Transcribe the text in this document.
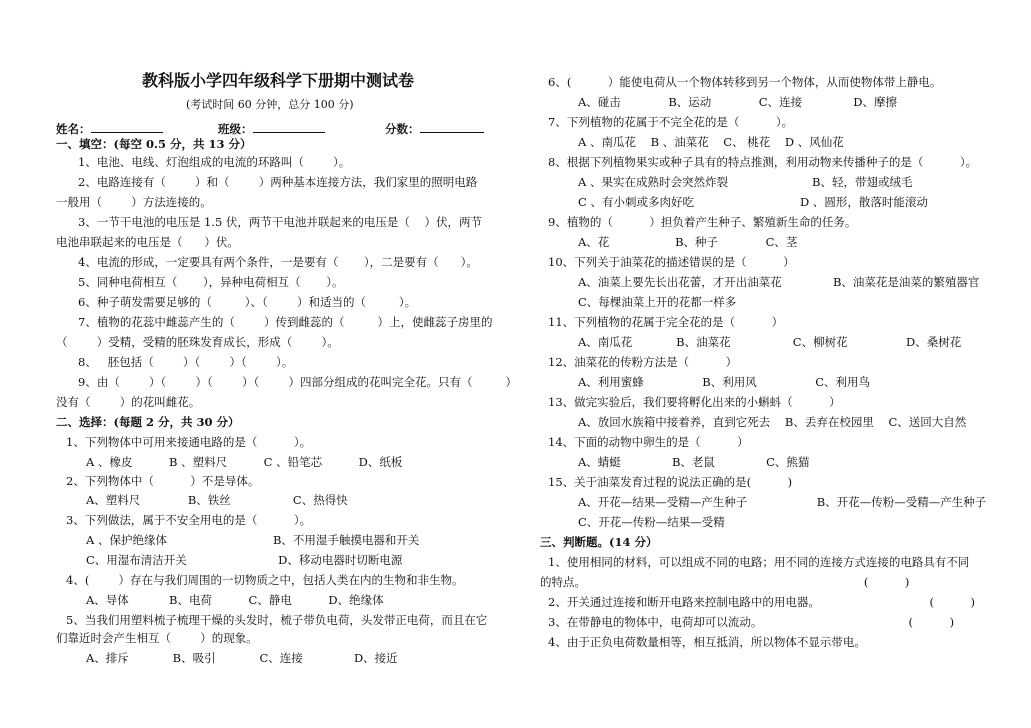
教科版小学四年级科学下册期中测试卷
(考试时间 60 分钟，总分 100 分)
姓名：	班级：	分数：
一、填空：(每空 0.5 分，共 13 分）
1、电池、电线、灯泡组成的电流的环路叫（        ）。
2、电路连接有（        ）和（        ）两种基本连接方法，我们家里的照明电路
一般用（        ）方法连接的。
3、一节干电池的电压是 1.5 伏，两节干电池并联起来的电压是（    ）伏，两节
电池串联起来的电压是（      ）伏。
4、电流的形成，一定要具有两个条件，一是要有（       ），二是要有（      ）。
5、同种电荷相互（       ），异种电荷相互（       ）。
6、种子萌发需要足够的（         ）、（        ）和适当的（         ）。
7、植物的花蕊中雌蕊产生的（        ）传到雌蕊的（         ）上，使雌蕊子房里的
（        ）受精，受精的胚珠发育成长，形成（        ）。
8、   胚包括（        ）（        ）（        ）。
9、由（        ）（        ）（        ）（        ）四部分组成的花叫完全花。只有（         ）
没有（        ）的花叫雌花。
二、选择：(每题 2 分，共 30 分）
1、下列物体中可用来接通电路的是（          ）。
A 、橡皮          B 、塑料尺          C 、铅笔芯          D、纸板
2、下列物体中（          ）不是导体。
A、塑料尺             B、铁丝                 C、热得快
3、下列做法，属于不安全用电的是（          ）。
A 、保护绝缘体                             B、不用湿手触摸电器和开关
C、用湿布清洁开关                         D、移动电器时切断电源
4、(        ）存在与我们周围的一切物质之中，包括人类在内的生物和非生物。
A、导体           B、电荷          C、静电          D、绝缘体
5、当我们用塑料梳子梳理干燥的头发时，梳子带负电荷，头发带正电荷，而且在它
们靠近时会产生相互（        ）的现象。
A、排斥            B、吸引            C、连接              D、接近
6、(          ）能使电荷从一个物体转移到另一个物体，从而使物体带上静电。
A、碰击             B、运动             C、连接              D、摩擦
7、下列植物的花属于不完全花的是（          ）。
A 、南瓜花    B 、油菜花    C、 桃花    D 、风仙花
8、根据下列植物果实或种子具有的特点推测，利用动物来传播种子的是（          ）。
A 、果实在成熟时会突然炸裂                       B、轻，带翅或绒毛
C 、有小刺或多肉好吃                             D 、圆形，散落时能滚动
9、植物的（          ）担负着产生种子、繁殖新生命的任务。
A、花                  B、种子             C、茎
10、下列关于油菜花的描述错误的是（          ）
A、油菜上要先长出花蕾，才开出油菜花              B、油菜花是油菜的繁殖器官
C、每棵油菜上开的花都一样多
11、下列植物的花属于完全花的是（          ）
A、南瓜花            B、油菜花                 C、柳树花                D、桑树花
12、油菜花的传粉方法是（          ）
A、利用蜜蜂                B、利用风                C、利用鸟
13、做完实验后，我们要将孵化出来的小蝌蚪（          ）
A、放回水族箱中接着养，直到它死去    B、丢弃在校园里    C、送回大自然
14、下面的动物中卵生的是（          ）
A、蜻蜓              B、老鼠              C、熊猫
15、关于油菜发育过程的说法正确的是(          )
A、开花—结果—受精—产生种子                   B、开花—传粉—受精—产生种子
C、开花—传粉—结果—受精
三、判断题。(14 分）
1、使用相同的材料，可以组成不同的电路；用不同的连接方式连接的电路具有不同
的特点。                                                                            (          )
2、开关通过连接和断开电路来控制电路中的用电器。                              (          )
3、在带静电的物体中，电荷却可以流动。                                        (          )
4、由于正负电荷数量相等，相互抵消，所以物体不显示带电。
